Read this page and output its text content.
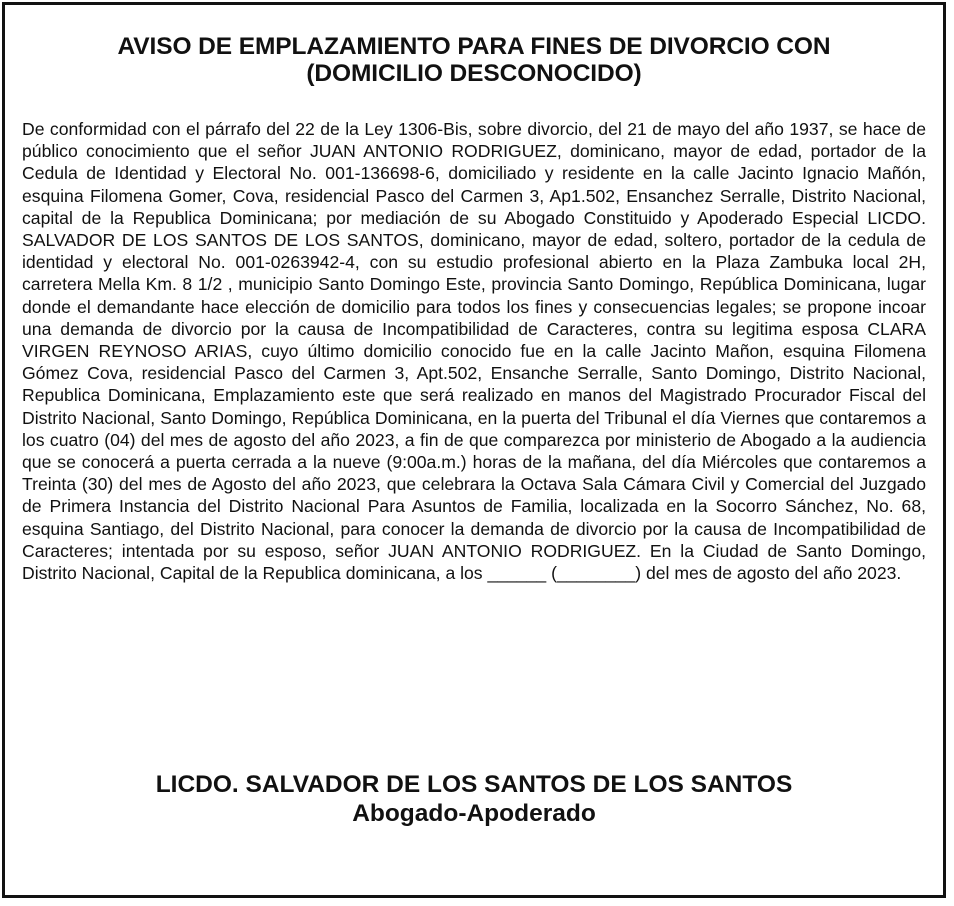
AVISO DE EMPLAZAMIENTO PARA FINES DE DIVORCIO CON
(DOMICILIO DESCONOCIDO)

De conformidad con el párrafo del 22 de la Ley 1306-Bis, sobre divorcio, del 21 de mayo del año 1937, se hace de público conocimiento que el señor JUAN ANTONIO RODRIGUEZ, dominicano, mayor de edad, portador de la Cedula de Identidad y Electoral No. 001-136698-6, domiciliado y residente en la calle Jacinto Ignacio Mañón, esquina Filomena Gomer, Cova, residencial Pasco del Carmen 3, Ap1.502, Ensanchez Serralle, Distrito Nacional, capital de la Republica Dominicana; por mediación de su Abogado Constituido y Apoderado Especial LICDO. SALVADOR DE LOS SANTOS DE LOS SANTOS, dominicano, mayor de edad, soltero, portador de la cedula de identidad y electoral No. 001-0263942-4, con su estudio profesional abierto en la Plaza Zambuka local 2H, carretera Mella Km. 8 1/2 , municipio Santo Domingo Este, provincia Santo Domingo, República Dominicana, lugar donde el demandante hace elección de domicilio para todos los fines y consecuencias legales; se propone incoar una demanda de divorcio por la causa de Incompatibilidad de Caracteres, contra su legitima esposa CLARA VIRGEN REYNOSO ARIAS, cuyo último domicilio conocido fue en la calle Jacinto Mañon, esquina Filomena Gómez Cova, residencial Pasco del Carmen 3, Apt.502, Ensanche Serralle, Santo Domingo, Distrito Nacional, Republica Dominicana, Emplazamiento este que será realizado en manos del Magistrado Procurador Fiscal del Distrito Nacional, Santo Domingo, República Dominicana, en la puerta del Tribunal el día Viernes que contaremos a los cuatro (04) del mes de agosto del año 2023, a fin de que comparezca por ministerio de Abogado a la audiencia que se conocerá a puerta cerrada a la nueve (9:00a.m.) horas de la mañana, del día Miércoles que contaremos a Treinta (30) del mes de Agosto del año 2023, que celebrara la Octava Sala Cámara Civil y Comercial del Juzgado de Primera Instancia del Distrito Nacional Para Asuntos de Familia, localizada en la Socorro Sánchez, No. 68, esquina Santiago, del Distrito Nacional, para conocer la demanda de divorcio por la causa de Incompatibilidad de Caracteres; intentada por su esposo, señor JUAN ANTONIO RODRIGUEZ. En la Ciudad de Santo Domingo, Distrito Nacional, Capital de la Republica dominicana, a los ______ (________) del mes de agosto del año 2023.

LICDO. SALVADOR DE LOS SANTOS DE LOS SANTOS
Abogado-Apoderado
